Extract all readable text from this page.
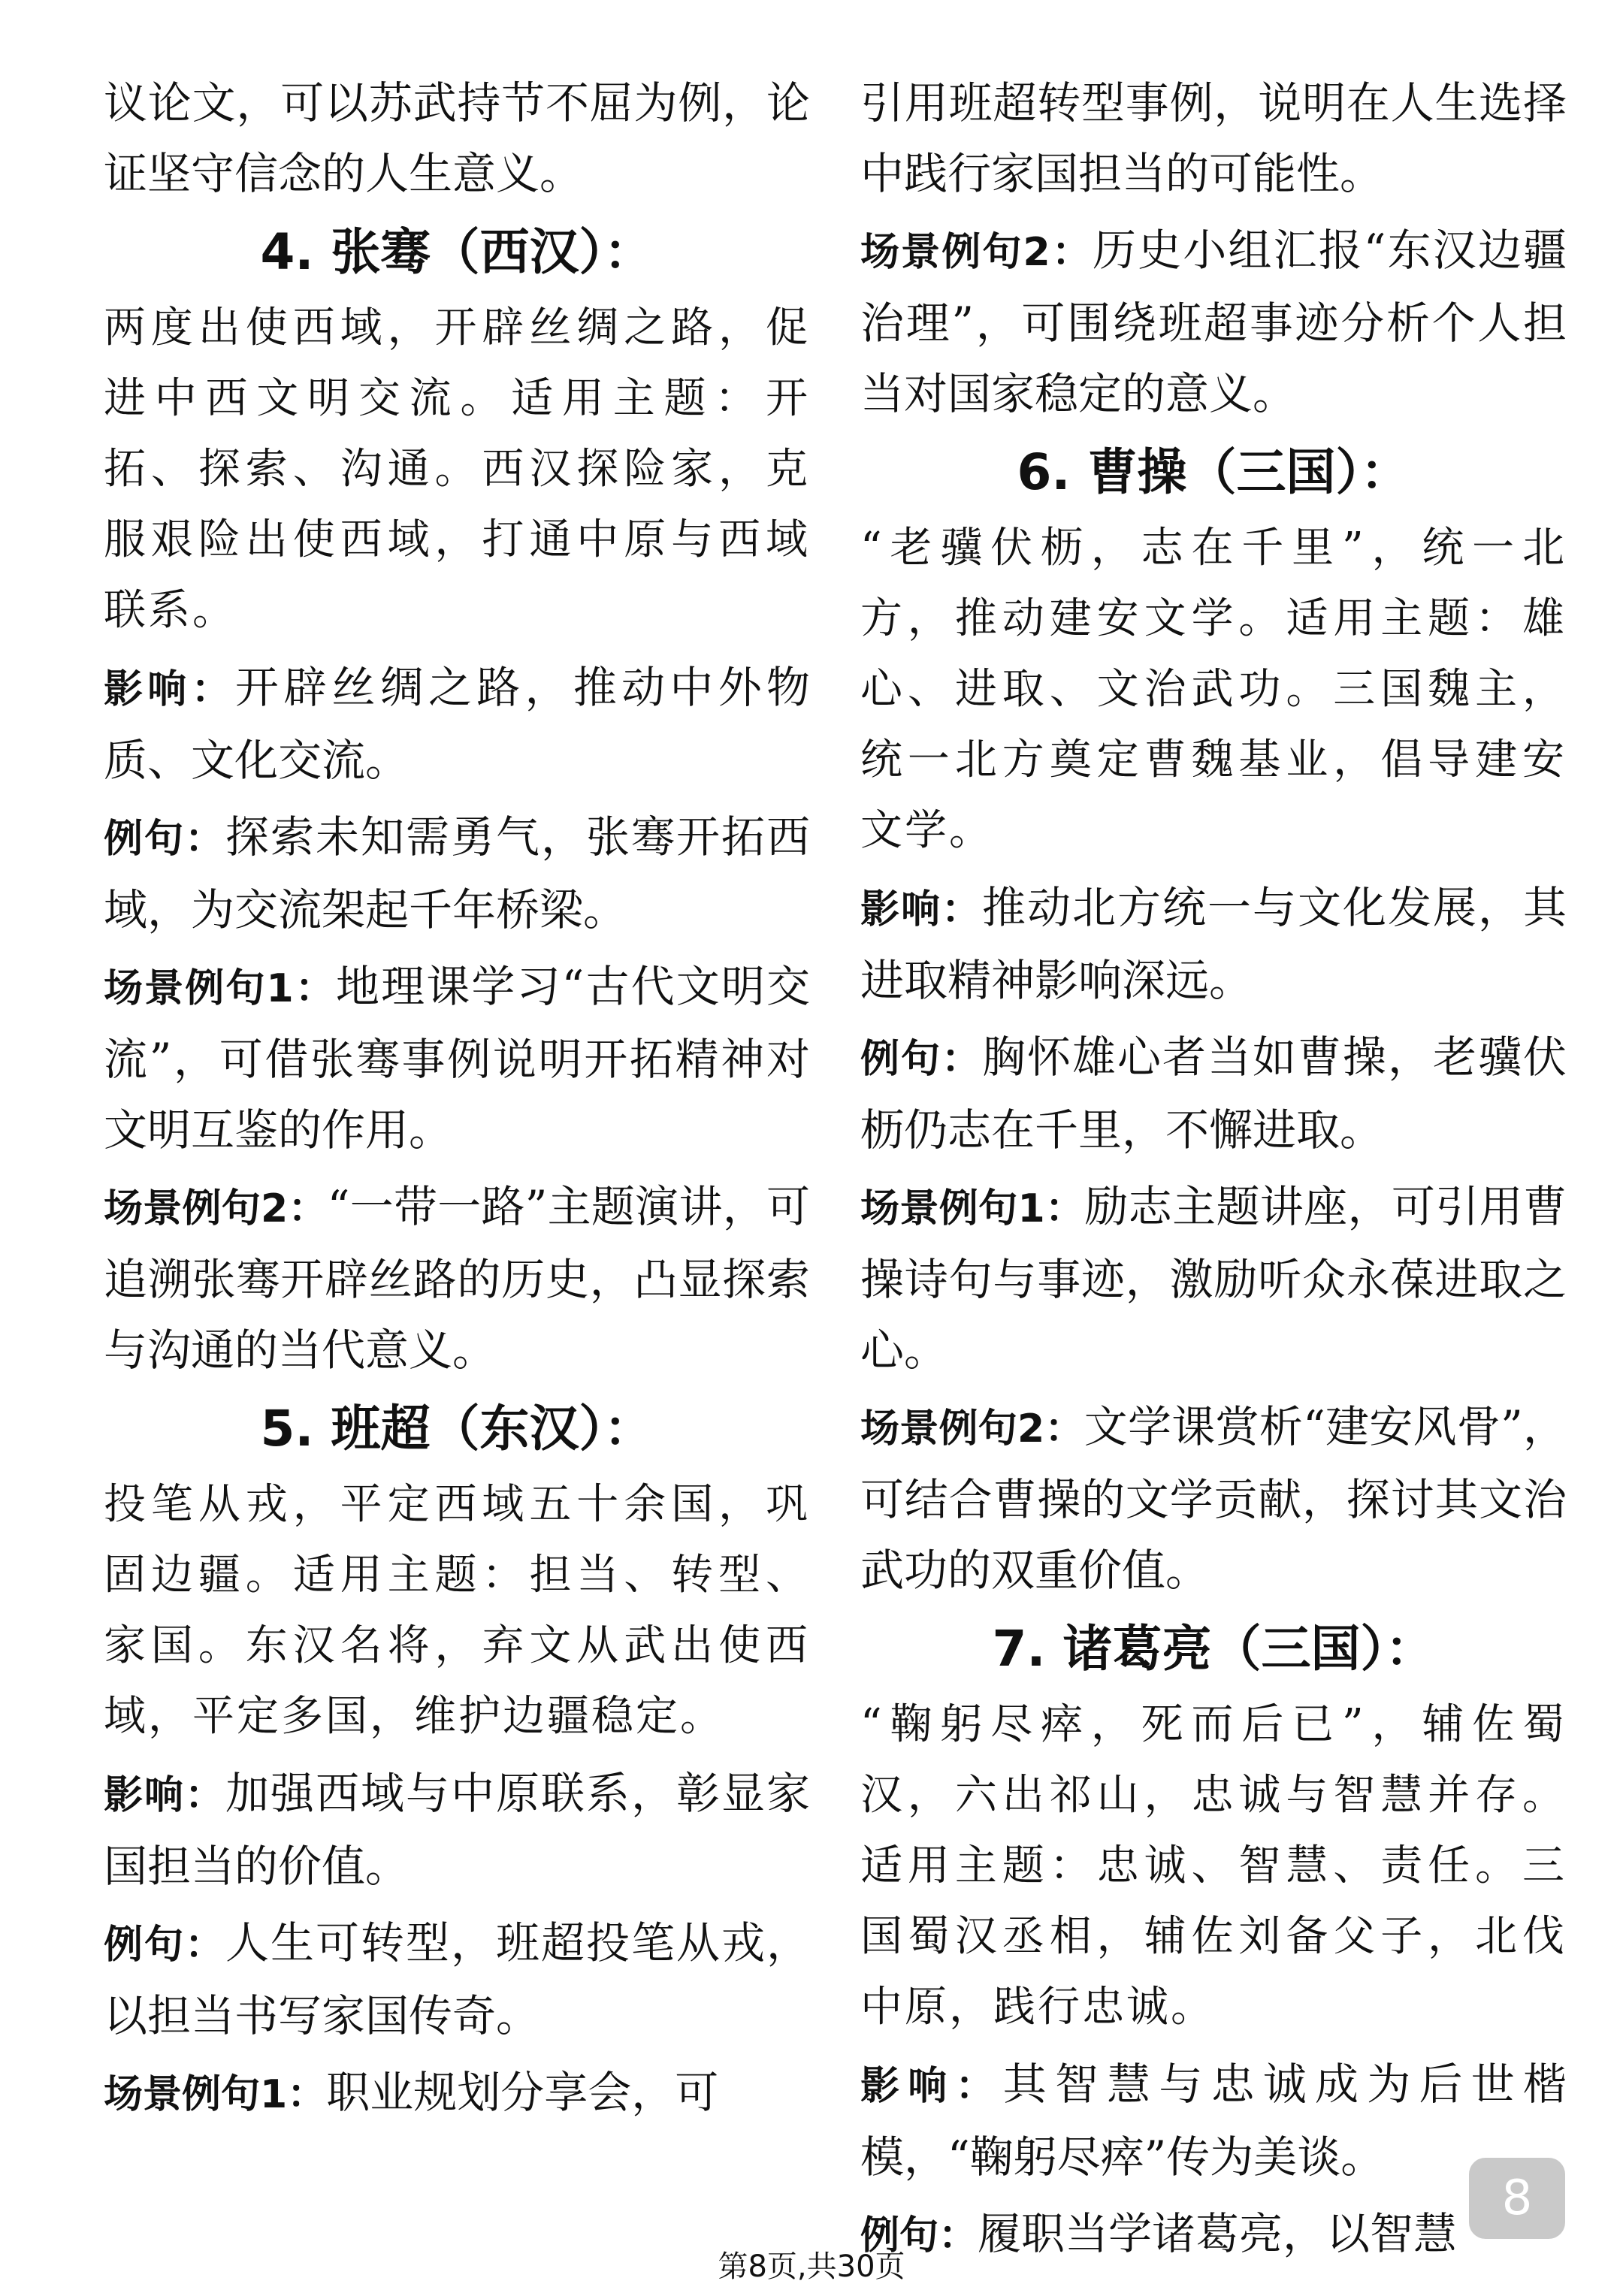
议论文，可以苏武持节不屈为例，论证坚守信念的人生意义。

4. 张骞（西汉）：

两度出使西域，开辟丝绸之路，促进中西文明交流。适用主题：开拓、探索、沟通。西汉探险家，克服艰险出使西域，打通中原与西域联系。

影响：开辟丝绸之路，推动中外物质、文化交流。

例句：探索未知需勇气，张骞开拓西域，为交流架起千年桥梁。

场景例句1：地理课学习“古代文明交流”，可借张骞事例说明开拓精神对文明互鉴的作用。

场景例句2：“一带一路”主题演讲，可追溯张骞开辟丝路的历史，凸显探索与沟通的当代意义。

5. 班超（东汉）：

投笔从戎，平定西域五十余国，巩固边疆。适用主题：担当、转型、家国。东汉名将，弃文从武出使西域，平定多国，维护边疆稳定。

影响：加强西域与中原联系，彰显家国担当的价值。

例句：人生可转型，班超投笔从戎，以担当书写家国传奇。

场景例句1：职业规划分享会，可

引用班超转型事例，说明在人生选择中践行家国担当的可能性。

场景例句2：历史小组汇报“东汉边疆治理”，可围绕班超事迹分析个人担当对国家稳定的意义。

6. 曹操（三国）：

“老骥伏枥，志在千里”，统一北方，推动建安文学。适用主题：雄心、进取、文治武功。三国魏主，统一北方奠定曹魏基业，倡导建安文学。

影响：推动北方统一与文化发展，其进取精神影响深远。

例句：胸怀雄心者当如曹操，老骥伏枥仍志在千里，不懈进取。

场景例句1：励志主题讲座，可引用曹操诗句与事迹，激励听众永葆进取之心。

场景例句2：文学课赏析“建安风骨”，可结合曹操的文学贡献，探讨其文治武功的双重价值。

7. 诸葛亮（三国）：

“鞠躬尽瘁，死而后已”，辅佐蜀汉，六出祁山，忠诚与智慧并存。适用主题：忠诚、智慧、责任。三国蜀汉丞相，辅佐刘备父子，北伐中原，践行忠诚。

影响：其智慧与忠诚成为后世楷模，“鞠躬尽瘁”传为美谈。

例句：履职当学诸葛亮，以智慧

8
第8页,共30页
